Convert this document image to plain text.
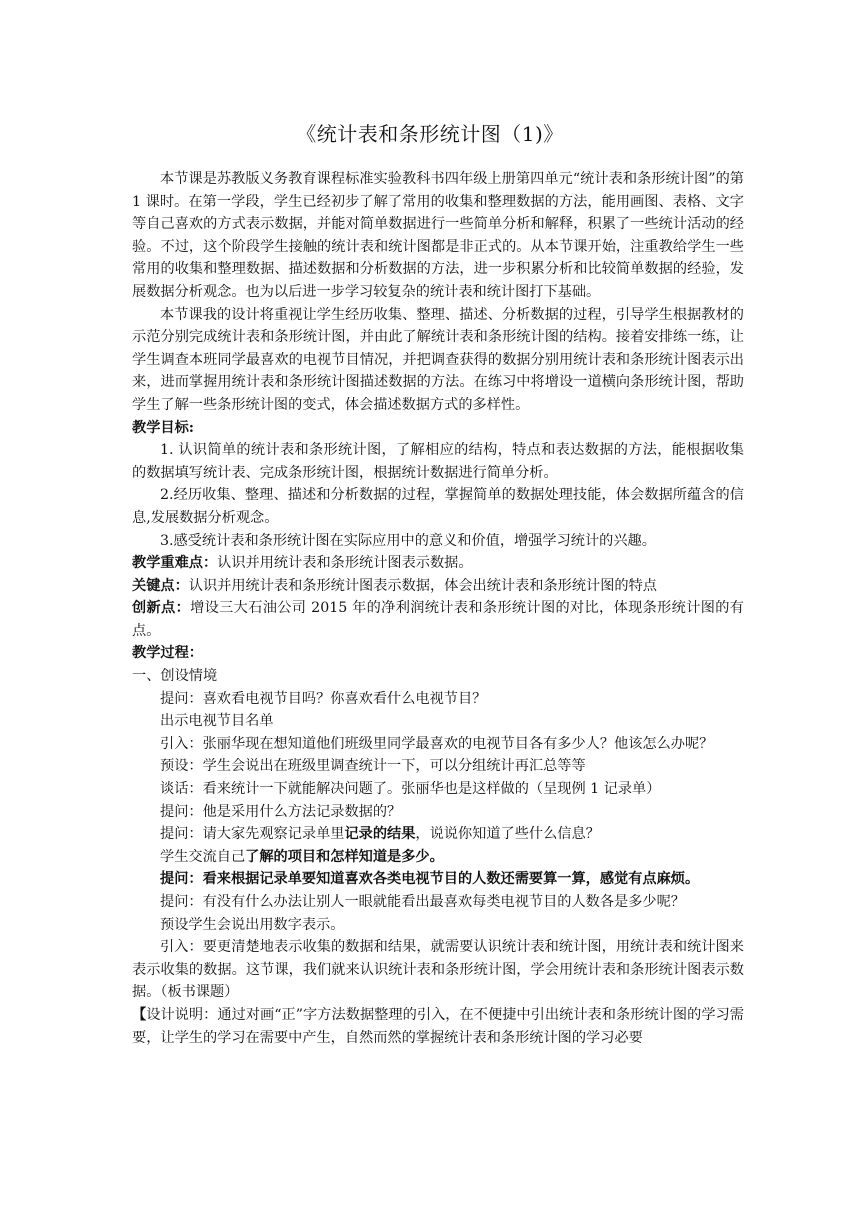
《统计表和条形统计图（1)》

本节课是苏教版义务教育课程标准实验教科书四年级上册第四单元“统计表和条形统计图”的第 1 课时。在第一学段，学生已经初步了解了常用的收集和整理数据的方法，能用画图、表格、文字等自己喜欢的方式表示数据，并能对简单数据进行一些简单分析和解释，积累了一些统计活动的经验。不过，这个阶段学生接触的统计表和统计图都是非正式的。从本节课开始，注重教给学生一些常用的收集和整理数据、描述数据和分析数据的方法，进一步积累分析和比较简单数据的经验，发展数据分析观念。也为以后进一步学习较复杂的统计表和统计图打下基础。

本节课我的设计将重视让学生经历收集、整理、描述、分析数据的过程，引导学生根据教材的示范分别完成统计表和条形统计图，并由此了解统计表和条形统计图的结构。接着安排练一练，让学生调查本班同学最喜欢的电视节目情况，并把调查获得的数据分别用统计表和条形统计图表示出来，进而掌握用统计表和条形统计图描述数据的方法。在练习中将增设一道横向条形统计图，帮助学生了解一些条形统计图的变式，体会描述数据方式的多样性。

教学目标:

1. 认识简单的统计表和条形统计图，了解相应的结构，特点和表达数据的方法，能根据收集的数据填写统计表、完成条形统计图，根据统计数据进行简单分析。

2.经历收集、整理、描述和分析数据的过程，掌握简单的数据处理技能，体会数据所蕴含的信息,发展数据分析观念。

3.感受统计表和条形统计图在实际应用中的意义和价值，增强学习统计的兴趣。

教学重难点：认识并用统计表和条形统计图表示数据。

关键点：认识并用统计表和条形统计图表示数据，体会出统计表和条形统计图的特点

创新点：增设三大石油公司 2015 年的净利润统计表和条形统计图的对比，体现条形统计图的有点。

教学过程：

一、创设情境

提问：喜欢看电视节目吗？你喜欢看什么电视节目？

出示电视节目名单

引入：张丽华现在想知道他们班级里同学最喜欢的电视节目各有多少人？他该怎么办呢？

预设：学生会说出在班级里调查统计一下，可以分组统计再汇总等等

谈话：看来统计一下就能解决问题了。张丽华也是这样做的（呈现例 1 记录单）

提问：他是采用什么方法记录数据的？

提问：请大家先观察记录单里记录的结果，说说你知道了些什么信息？

学生交流自己了解的项目和怎样知道是多少。

提问：看来根据记录单要知道喜欢各类电视节目的人数还需要算一算，感觉有点麻烦。

提问：有没有什么办法让别人一眼就能看出最喜欢每类电视节目的人数各是多少呢？

预设学生会说出用数字表示。

引入：要更清楚地表示收集的数据和结果，就需要认识统计表和统计图，用统计表和统计图来表示收集的数据。这节课，我们就来认识统计表和条形统计图，学会用统计表和条形统计图表示数据。（板书课题）

【设计说明：通过对画“正”字方法数据整理的引入，在不便捷中引出统计表和条形统计图的学习需要，让学生的学习在需要中产生，自然而然的掌握统计表和条形统计图的学习必要
